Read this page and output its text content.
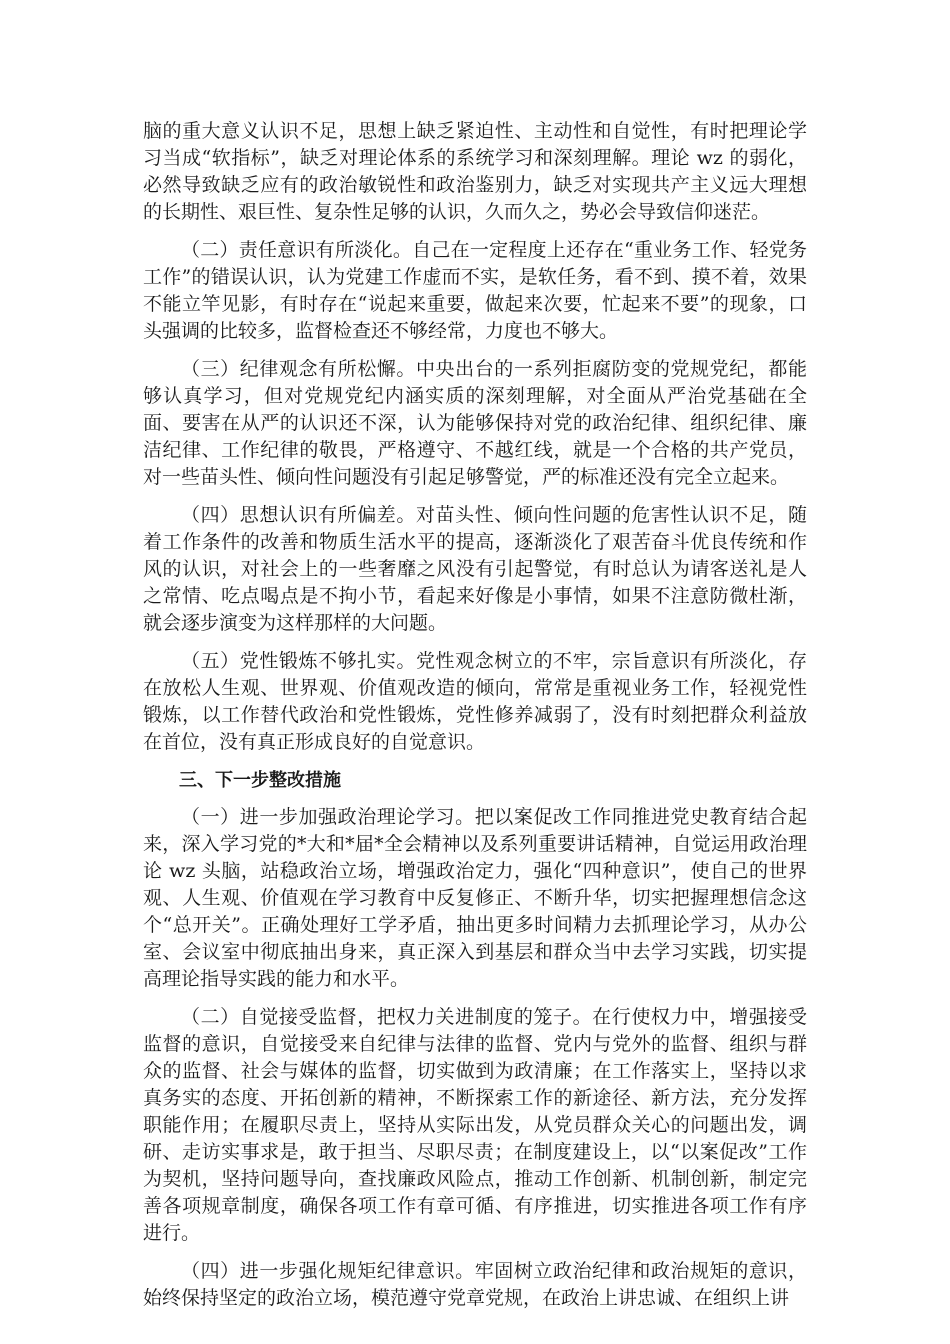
脑的重大意义认识不足，思想上缺乏紧迫性、主动性和自觉性，有时把理论学习当成“软指标”，缺乏对理论体系的系统学习和深刻理解。理论 wz 的弱化，必然导致缺乏应有的政治敏锐性和政治鉴别力，缺乏对实现共产主义远大理想的长期性、艰巨性、复杂性足够的认识，久而久之，势必会导致信仰迷茫。

（二）责任意识有所淡化。自己在一定程度上还存在“重业务工作、轻党务工作”的错误认识，认为党建工作虚而不实，是软任务，看不到、摸不着，效果不能立竿见影，有时存在“说起来重要，做起来次要，忙起来不要”的现象，口头强调的比较多，监督检查还不够经常，力度也不够大。

（三）纪律观念有所松懈。中央出台的一系列拒腐防变的党规党纪，都能够认真学习，但对党规党纪内涵实质的深刻理解，对全面从严治党基础在全面、要害在从严的认识还不深，认为能够保持对党的政治纪律、组织纪律、廉洁纪律、工作纪律的敬畏，严格遵守、不越红线，就是一个合格的共产党员，对一些苗头性、倾向性问题没有引起足够警觉，严的标准还没有完全立起来。

（四）思想认识有所偏差。对苗头性、倾向性问题的危害性认识不足，随着工作条件的改善和物质生活水平的提高，逐渐淡化了艰苦奋斗优良传统和作风的认识，对社会上的一些奢靡之风没有引起警觉，有时总认为请客送礼是人之常情、吃点喝点是不拘小节，看起来好像是小事情，如果不注意防微杜渐，就会逐步演变为这样那样的大问题。

（五）党性锻炼不够扎实。党性观念树立的不牢，宗旨意识有所淡化，存在放松人生观、世界观、价值观改造的倾向，常常是重视业务工作，轻视党性锻炼，以工作替代政治和党性锻炼，党性修养减弱了，没有时刻把群众利益放在首位，没有真正形成良好的自觉意识。

三、下一步整改措施

（一）进一步加强政治理论学习。把以案促改工作同推进党史教育结合起来，深入学习党的*大和*届*全会精神以及系列重要讲话精神，自觉运用政治理论 wz 头脑，站稳政治立场，增强政治定力，强化“四种意识”，使自己的世界观、人生观、价值观在学习教育中反复修正、不断升华，切实把握理想信念这个“总开关”。正确处理好工学矛盾，抽出更多时间精力去抓理论学习，从办公室、会议室中彻底抽出身来，真正深入到基层和群众当中去学习实践，切实提高理论指导实践的能力和水平。

（二）自觉接受监督，把权力关进制度的笼子。在行使权力中，增强接受监督的意识，自觉接受来自纪律与法律的监督、党内与党外的监督、组织与群众的监督、社会与媒体的监督，切实做到为政清廉；在工作落实上，坚持以求真务实的态度、开拓创新的精神，不断探索工作的新途径、新方法，充分发挥职能作用；在履职尽责上，坚持从实际出发，从党员群众关心的问题出发，调研、走访实事求是，敢于担当、尽职尽责；在制度建设上，以“以案促改”工作为契机，坚持问题导向，查找廉政风险点，推动工作创新、机制创新，制定完善各项规章制度，确保各项工作有章可循、有序推进，切实推进各项工作有序进行。

（四）进一步强化规矩纪律意识。牢固树立政治纪律和政治规矩的意识，始终保持坚定的政治立场，模范遵守党章党规，在政治上讲忠诚、在组织上讲
